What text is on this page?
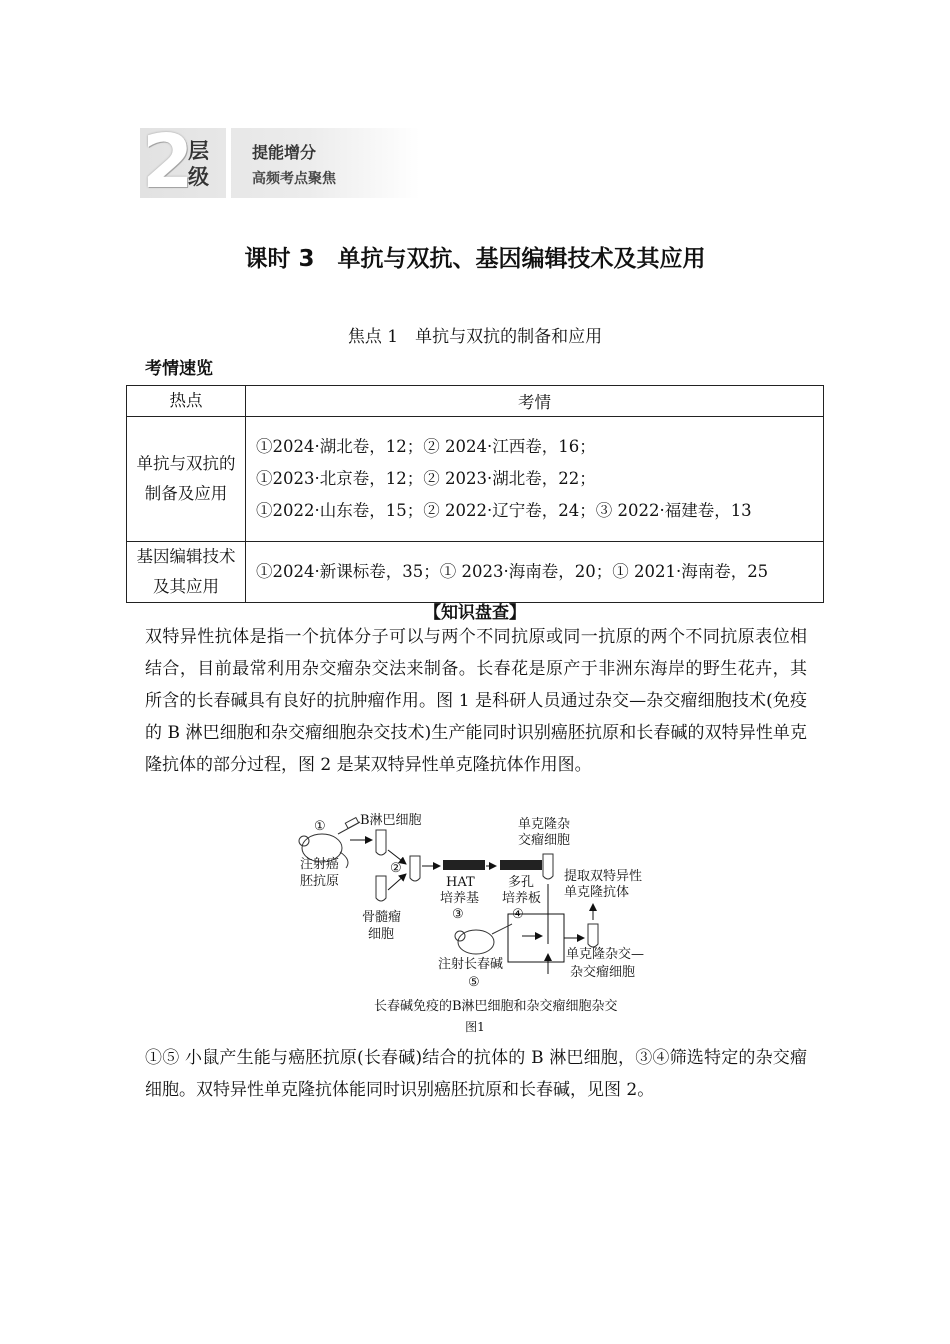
2
层级
提能增分
高频考点聚焦
课时 3　单抗与双抗、基因编辑技术及其应用
焦点 1　单抗与双抗的制备和应用
考情速览
热点	考情

单抗与双抗的制备及应用	①2024·湖北卷，12；② 2024·江西卷，16；
①2023·北京卷，12；② 2023·湖北卷，22；
①2022·山东卷，15；② 2022·辽宁卷，24；③ 2022·福建卷，13

基因编辑技术及其应用	①2024·新课标卷，35；① 2023·海南卷，20；① 2021·海南卷，25
【知识盘查】

双特异性抗体是指一个抗体分子可以与两个不同抗原或同一抗原的两个不同抗原表位相结合，目前最常利用杂交瘤杂交法来制备。长春花是原产于非洲东海岸的野生花卉，其所含的长春碱具有良好的抗肿瘤作用。图 1 是科研人员通过杂交—杂交瘤细胞技术(免疫的 B 淋巴细胞和杂交瘤细胞杂交技术)生产能同时识别癌胚抗原和长春碱的双特异性单克隆抗体的部分过程，图 2 是某双特异性单克隆抗体作用图。

①
注射癌
胚抗原
B淋巴细胞
②
骨髓瘤
细胞
HAT
培养基
③
多孔
培养板
④
单克隆杂
交瘤细胞
提取双特异性
单克隆抗体
注射长春碱
⑤
单克隆杂交—
杂交瘤细胞
长春碱免疫的B淋巴细胞和杂交瘤细胞杂交
图1

①⑤ 小鼠产生能与癌胚抗原(长春碱)结合的抗体的 B 淋巴细胞，③④筛选特定的杂交瘤细胞。双特异性单克隆抗体能同时识别癌胚抗原和长春碱，见图 2。
